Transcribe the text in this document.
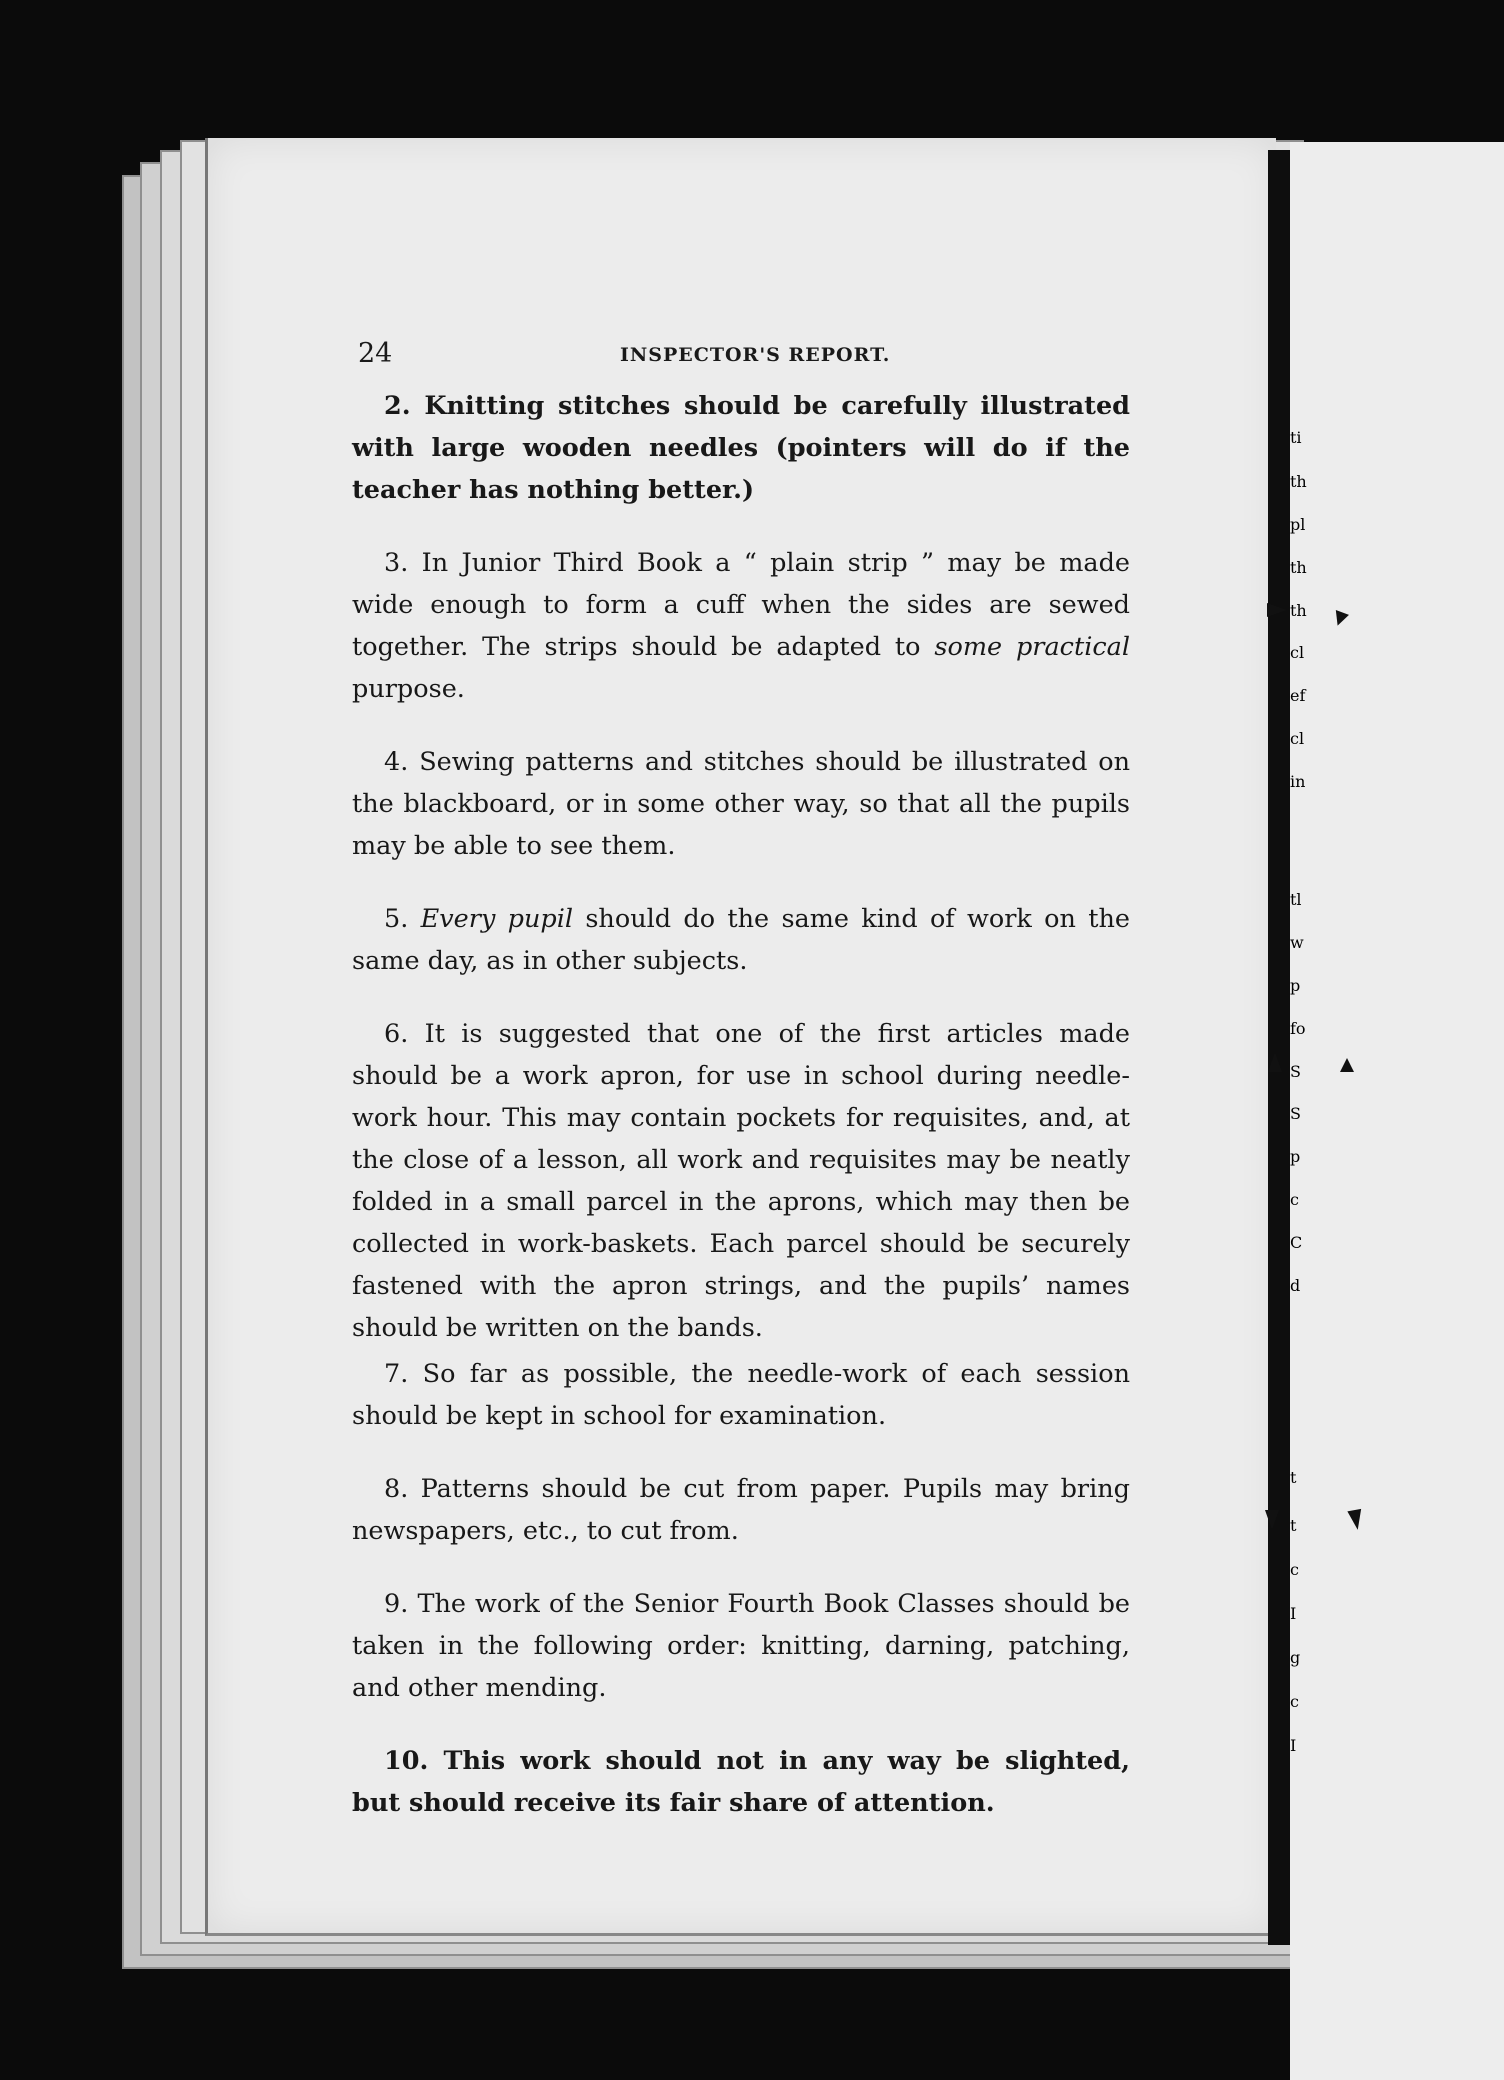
ti
th
pl
th
th
cl
ef
cl
in
tl
w
p
fo
S
S
p
c
C
d
t
t
c
I
g
c
I
24	INSPECTOR'S REPORT.

2. Knitting stitches should be carefully illustrated with large wooden needles (pointers will do if the teacher has nothing better.)

3. In Junior Third Book a “ plain strip ” may be made wide enough to form a cuff when the sides are sewed together. The strips should be adapted to some practical purpose.

4. Sewing patterns and stitches should be illustrated on the blackboard, or in some other way, so that all the pupils may be able to see them.

5. Every pupil should do the same kind of work on the same day, as in other subjects.

6. It is suggested that one of the first articles made should be a work apron, for use in school during needle-work hour. This may contain pockets for requisites, and, at the close of a lesson, all work and requisites may be neatly folded in a small parcel in the aprons, which may then be collected in work-baskets. Each parcel should be securely fastened with the apron strings, and the pupils’ names should be written on the bands.

7. So far as possible, the needle-work of each session should be kept in school for examination.

8. Patterns should be cut from paper. Pupils may bring newspapers, etc., to cut from.

9. The work of the Senior Fourth Book Classes should be taken in the following order: knitting, darning, patching, and other mending.

10. This work should not in any way be slighted, but should receive its fair share of attention.
